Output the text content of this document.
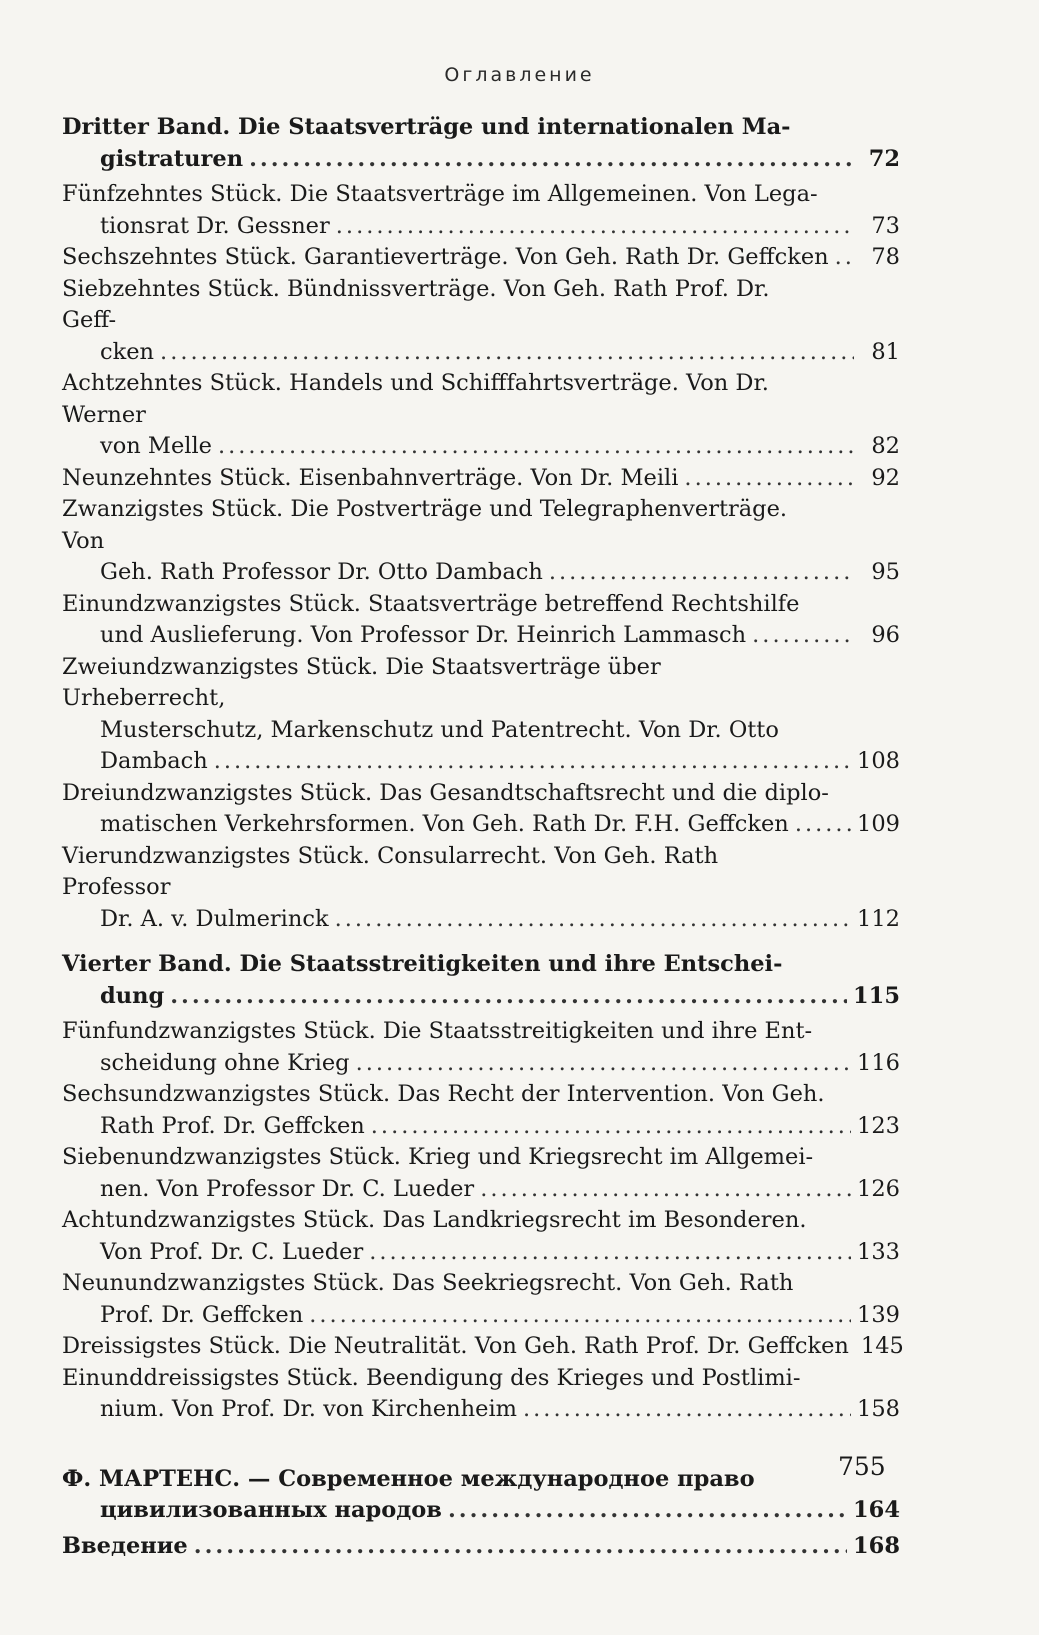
Оглавление
Dritter Band. Die Staatsverträge und internationalen Ma-
gistraturen .....	72
Fünfzehntes Stück. Die Staatsverträge im Allgemeinen. Von Lega-
tionsrat Dr. Gessner .....	73
Sechszehntes Stück. Garantieverträge. Von Geh. Rath Dr. Geffcken .....	78
Siebzehntes Stück. Bündnissverträge. Von Geh. Rath Prof. Dr. Geff-
cken .....	81
Achtzehntes Stück. Handels und Schifffahrtsverträge. Von Dr. Werner
von Melle .....	82
Neunzehntes Stück. Eisenbahnverträge. Von Dr. Meili .....	92
Zwanzigstes Stück. Die Postverträge und Telegraphenverträge. Von
Geh. Rath Professor Dr. Otto Dambach .....	95
Einundzwanzigstes Stück. Staatsverträge betreffend Rechtshilfe
und Auslieferung. Von Professor Dr. Heinrich Lammasch .....	96
Zweiundzwanzigstes Stück. Die Staatsverträge über Urheberrecht,
Musterschutz, Markenschutz und Patentrecht. Von Dr. Otto
Dambach .....	108
Dreiundzwanzigstes Stück. Das Gesandtschaftsrecht und die diplo-
matischen Verkehrsformen. Von Geh. Rath Dr. F.H. Geffcken .....	109
Vierundzwanzigstes Stück. Consularrecht. Von Geh. Rath Professor
Dr. A. v. Dulmerinck .....	112
Vierter Band. Die Staatsstreitigkeiten und ihre Entschei-
dung .....	115
Fünfundzwanzigstes Stück. Die Staatsstreitigkeiten und ihre Ent-
scheidung ohne Krieg .....	116
Sechsundzwanzigstes Stück. Das Recht der Intervention. Von Geh.
Rath Prof. Dr. Geffcken .....	123
Siebenundzwanzigstes Stück. Krieg und Kriegsrecht im Allgemei-
nen. Von Professor Dr. C. Lueder .....	126
Achtundzwanzigstes Stück. Das Landkriegsrecht im Besonderen.
Von Prof. Dr. C. Lueder .....	133
Neunundzwanzigstes Stück. Das Seekriegsrecht. Von Geh. Rath
Prof. Dr. Geffcken .....	139
Dreissigstes Stück. Die Neutralität. Von Geh. Rath Prof. Dr. Geffcken 145
Einunddreissigstes Stück. Beendigung des Krieges und Postlimi-
nium. Von Prof. Dr. von Kirchenheim .....	158
Ф. МАРТЕНС. — Современное международное право
цивилизованных народов .....	164
Введение .....	168
755
